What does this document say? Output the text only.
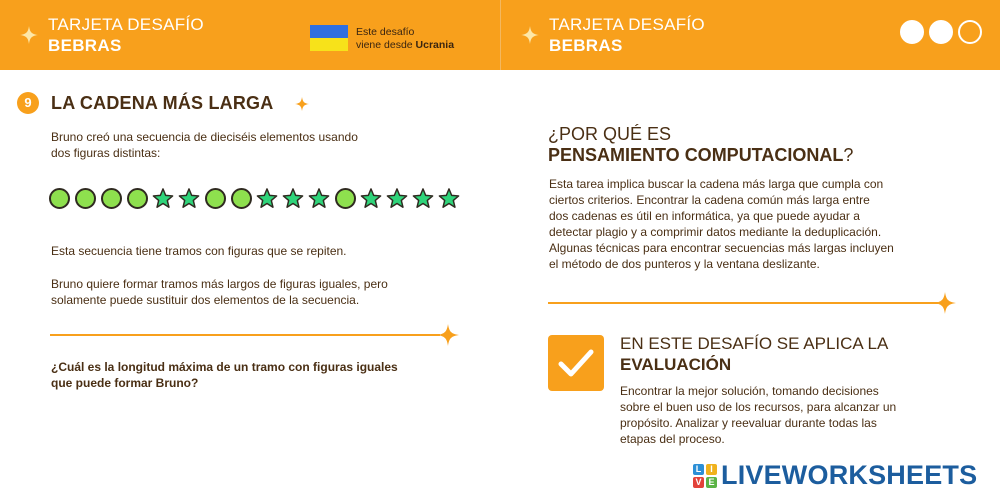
TARJETA DESAFÍO
BEBRAS
Este desafío
viene desde Ucrania
TARJETA DESAFÍO
BEBRAS
9	LA CADENA MÁS LARGA
Bruno creó una secuencia de dieciséis elementos usando
dos figuras distintas:
Esta secuencia tiene tramos con figuras que se repiten.
Bruno quiere formar tramos más largos de figuras iguales, pero
solamente puede sustituir dos elementos de la secuencia.
¿Cuál es la longitud máxima de un tramo con figuras iguales
que puede formar Bruno?
¿POR QUÉ ES
PENSAMIENTO COMPUTACIONAL?
Esta tarea implica buscar la cadena más larga que cumpla con
ciertos criterios. Encontrar la cadena común más larga entre
dos cadenas es útil en informática, ya que puede ayudar a
detectar plagio y a comprimir datos mediante la deduplicación.
Algunas técnicas para encontrar secuencias más largas incluyen
el método de dos punteros y la ventana deslizante.
EN ESTE DESAFÍO SE APLICA LA
EVALUACIÓN
Encontrar la mejor solución, tomando decisiones
sobre el buen uso de los recursos, para alcanzar un
propósito. Analizar y reevaluar durante todas las
etapas del proceso.
L I
V E LIVEWORKSHEETS
